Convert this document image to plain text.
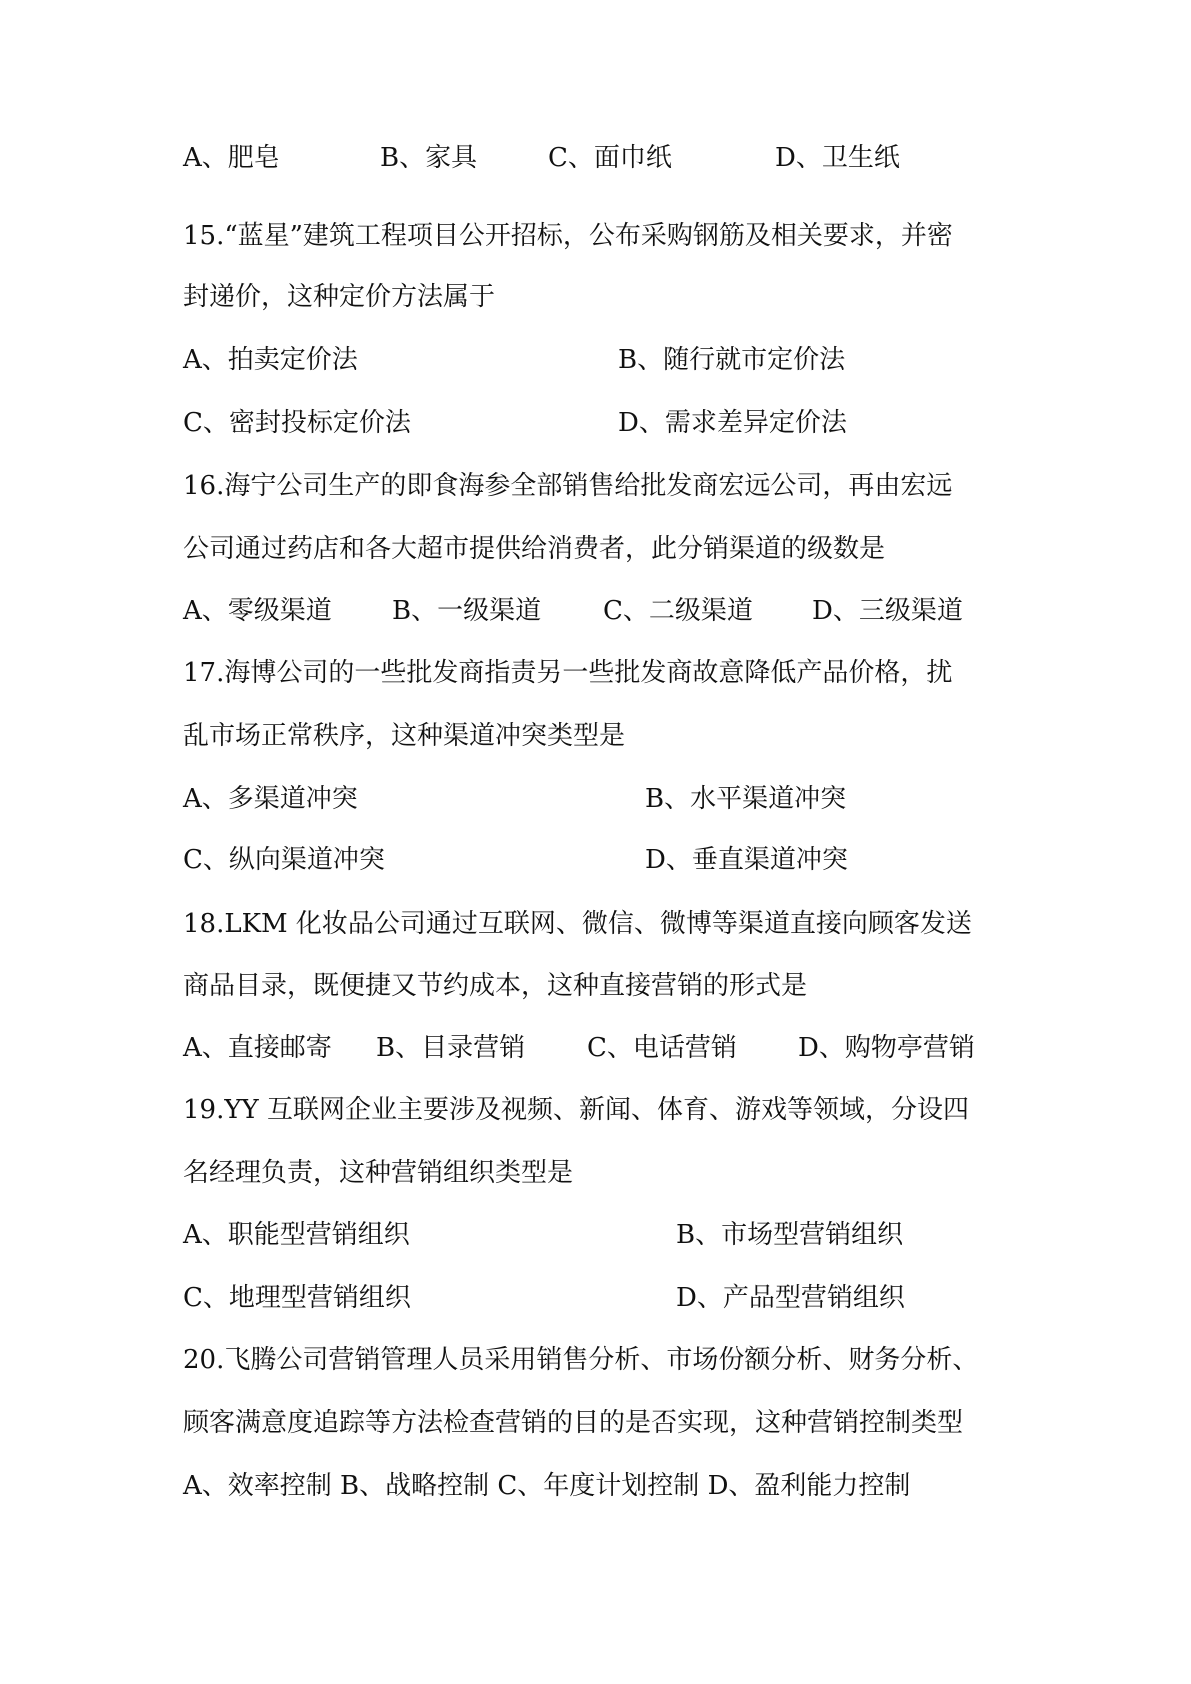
A、肥皂	B、家具	C、面巾纸	D、卫生纸
15.“蓝星”建筑工程项目公开招标，公布采购钢筋及相关要求，并密
封递价，这种定价方法属于
A、拍卖定价法	B、随行就市定价法
C、密封投标定价法	D、需求差异定价法
16.海宁公司生产的即食海参全部销售给批发商宏远公司，再由宏远
公司通过药店和各大超市提供给消费者，此分销渠道的级数是
A、零级渠道 B、一级渠道 C、二级渠道 D、三级渠道
17.海博公司的一些批发商指责另一些批发商故意降低产品价格，扰
乱市场正常秩序，这种渠道冲突类型是
A、多渠道冲突	B、水平渠道冲突
C、纵向渠道冲突	D、垂直渠道冲突
18.LKM 化妆品公司通过互联网、微信、微博等渠道直接向顾客发送
商品目录，既便捷又节约成本，这种直接营销的形式是
A、直接邮寄 B、目录营销 C、电话营销 D、购物亭营销
19.YY 互联网企业主要涉及视频、新闻、体育、游戏等领域，分设四
名经理负责，这种营销组织类型是
A、职能型营销组织	B、市场型营销组织
C、地理型营销组织	D、产品型营销组织
20.飞腾公司营销管理人员采用销售分析、市场份额分析、财务分析、
顾客满意度追踪等方法检查营销的目的是否实现，这种营销控制类型
A、效率控制 B、战略控制 C、年度计划控制 D、盈利能力控制
